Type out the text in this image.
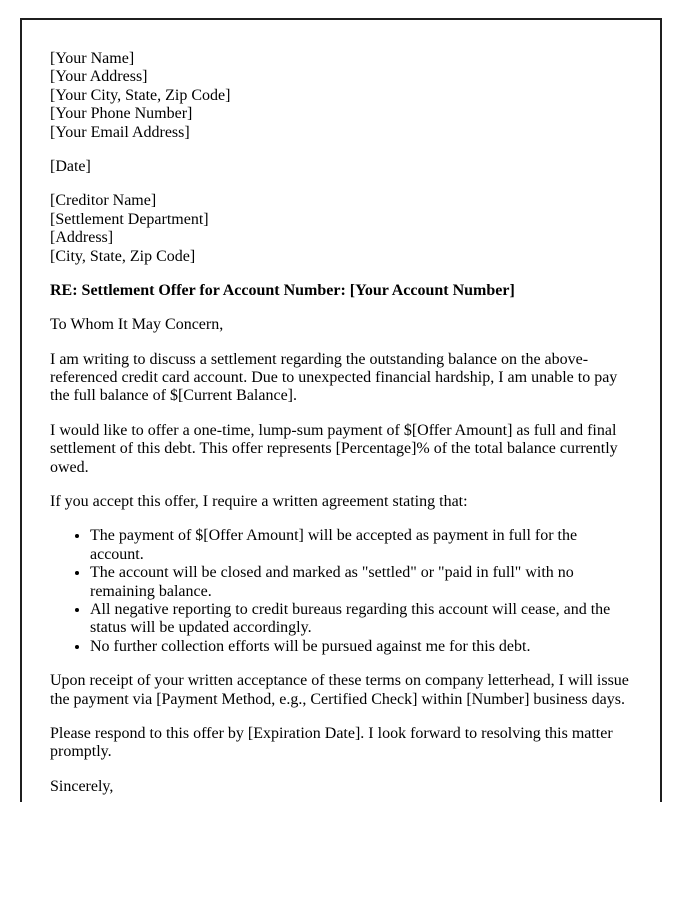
[Your Name]
[Your Address]
[Your City, State, Zip Code]
[Your Phone Number]
[Your Email Address]
[Date]
[Creditor Name]
[Settlement Department]
[Address]
[City, State, Zip Code]
RE: Settlement Offer for Account Number: [Your Account Number]
To Whom It May Concern,
I am writing to discuss a settlement regarding the outstanding balance on the above-referenced credit card account. Due to unexpected financial hardship, I am unable to pay the full balance of $[Current Balance].
I would like to offer a one-time, lump-sum payment of $[Offer Amount] as full and final settlement of this debt. This offer represents [Percentage]% of the total balance currently owed.
If you accept this offer, I require a written agreement stating that:
• The payment of $[Offer Amount] will be accepted as payment in full for the account.
• The account will be closed and marked as "settled" or "paid in full" with no remaining balance.
• All negative reporting to credit bureaus regarding this account will cease, and the status will be updated accordingly.
• No further collection efforts will be pursued against me for this debt.
Upon receipt of your written acceptance of these terms on company letterhead, I will issue the payment via [Payment Method, e.g., Certified Check] within [Number] business days.
Please respond to this offer by [Expiration Date]. I look forward to resolving this matter promptly.
Sincerely,
